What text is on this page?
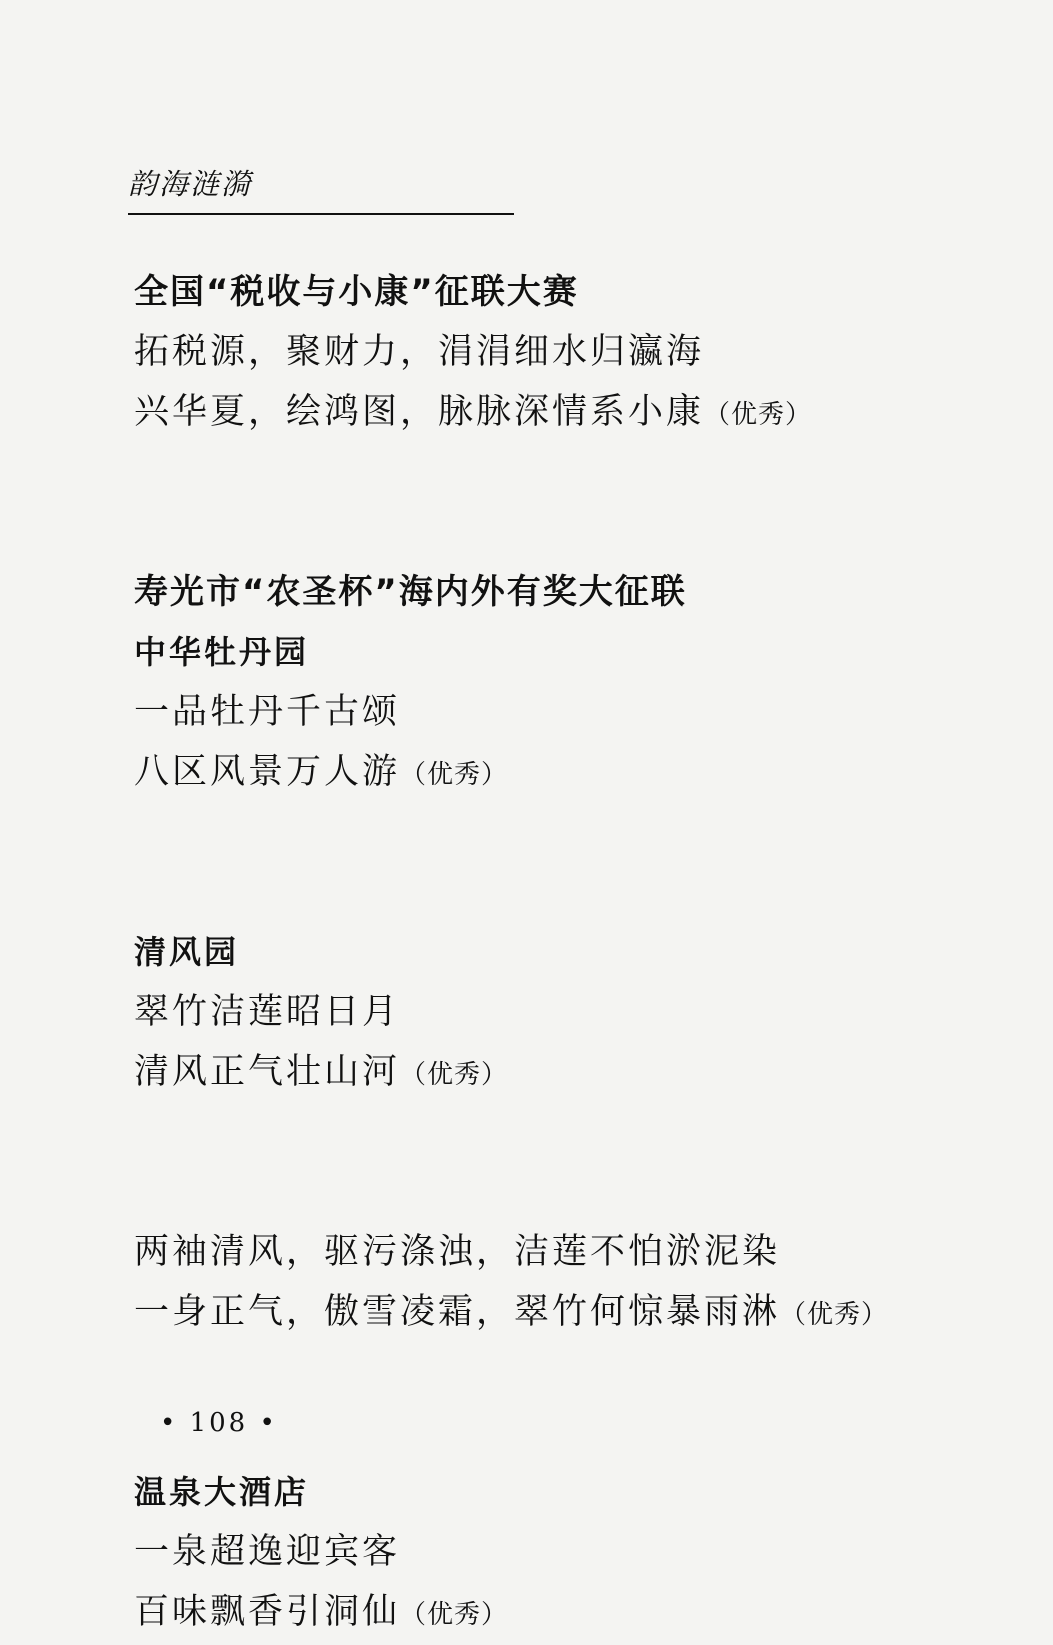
韵海涟漪
全国“税收与小康”征联大赛
拓税源，聚财力，涓涓细水归瀛海
兴华夏，绘鸿图，脉脉深情系小康（优秀）
寿光市“农圣杯”海内外有奖大征联
中华牡丹园
一品牡丹千古颂
八区风景万人游（优秀）
清风园
翠竹洁莲昭日月
清风正气壮山河（优秀）
两袖清风，驱污涤浊，洁莲不怕淤泥染
一身正气，傲雪凌霜，翠竹何惊暴雨淋（优秀）
温泉大酒店
一泉超逸迎宾客
百味飘香引洞仙（优秀）
• 108 •
